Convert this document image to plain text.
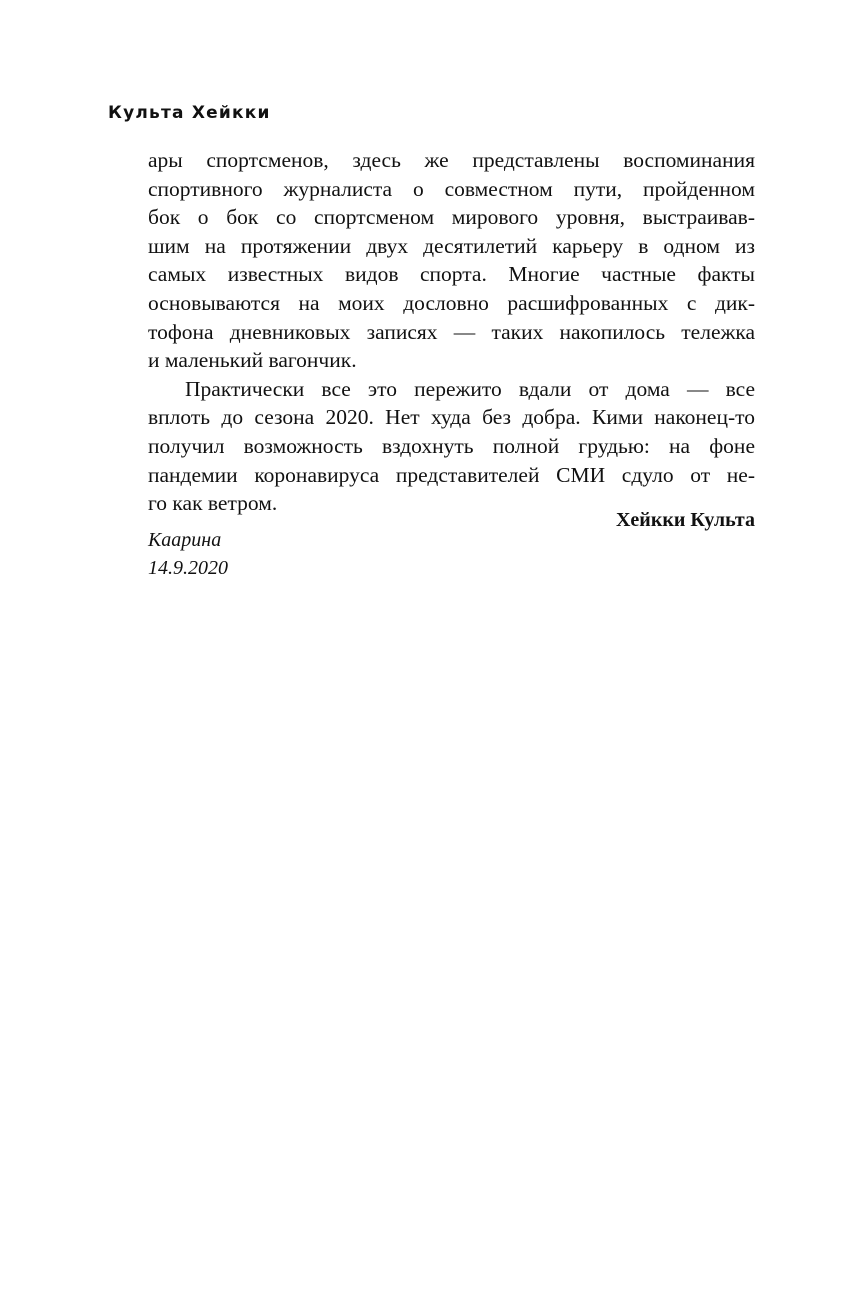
Культа Хейкки
ары спортсменов, здесь же представлены воспоминания
спортивного журналиста о совместном пути, пройденном
бок о бок со спортсменом мирового уровня, выстраивав-
шим на протяжении двух десятилетий карьеру в одном из
самых известных видов спорта. Многие частные факты
основываются на моих дословно расшифрованных с дик-
тофона дневниковых записях — таких накопилось тележка
и маленький вагончик.
Практически все это пережито вдали от дома — все
вплоть до сезона 2020. Нет худа без добра. Кими наконец-то
получил возможность вздохнуть полной грудью: на фоне
пандемии коронавируса представителей СМИ сдуло от не-
го как ветром.
Хейкки Культа
Каарина
14.9.2020
